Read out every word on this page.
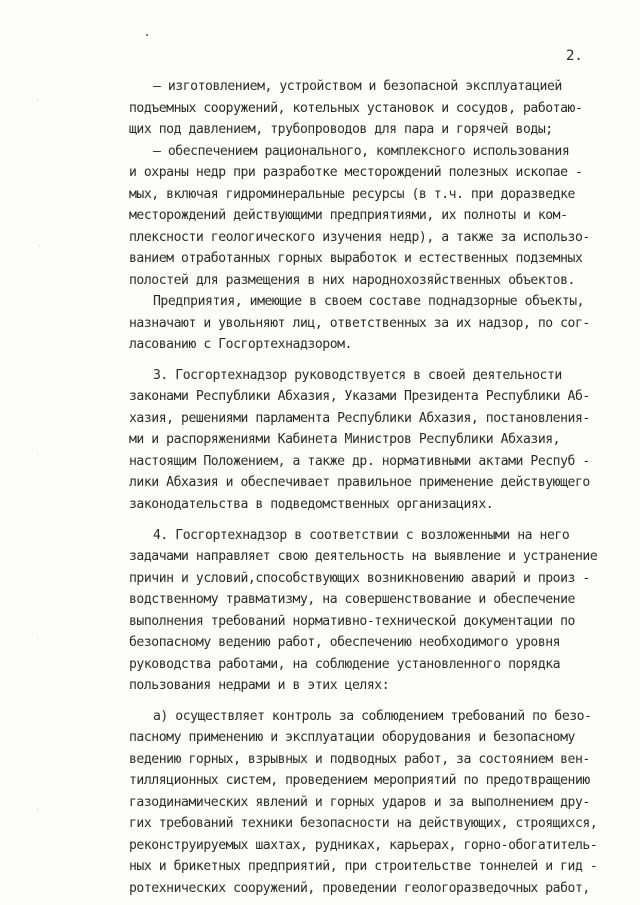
2.
·
·
·
·
·
– изготовлением, устройством и безопасной эксплуатацией
подъемных сооружений, котельных установок и сосудов, работаю-
щих под давлением, трубопроводов для пара и горячей воды;
– обеспечением рационального, комплексного использования
и охраны недр при разработке месторождений полезных ископае -
мых, включая гидроминеральные ресурсы (в т.ч. при доразведке
месторождений действующими предприятиями, их полноты и ком-
плексности геологического изучения недр), а также за использо-
ванием отработанных горных выработок и естественных подземных
полостей для размещения в них народнохозяйственных объектов.
Предприятия, имеющие в своем составе поднадзорные объекты,
назначают и увольняют лиц, ответственных за их надзор, по сог-
ласованию с Госгортехнадзором.
3. Госгортехнадзор руководствуется в своей деятельности
законами Республики Абхазия, Указами Президента Республики Аб-
хазия, решениями парламента Республики Абхазия, постановления-
ми и распоряжениями Кабинета Министров Республики Абхазия,
настоящим Положением, а также др. нормативными актами Респуб -
лики Абхазия и обеспечивает правильное применение действующего
законодательства в подведомственных организациях.
4. Госгортехнадзор в соответствии с возложенными на него
задачами направляет свою деятельность на выявление и устранение
причин и условий,способствующих возникновению аварий и произ -
водственному травматизму, на совершенствование и обеспечение
выполнения требований нормативно-технической документации по
безопасному ведению работ, обеспечению необходимого уровня
руководства работами, на соблюдение установленного порядка
пользования недрами и в этих целях:
а) осуществляет контроль за соблюдением требований по безо-
пасному применению и эксплуатации оборудования и безопасному
ведению горных, взрывных и подводных работ, за состоянием вен-
тилляционных систем, проведением мероприятий по предотвращению
газодинамических явлений и горных ударов и за выполнением дру-
гих требований техники безопасности на действующих, строящихся,
реконструируемых шахтах, рудниках, карьерах, горно-обогатитель-
ных и брикетных предприятий, при строительстве тоннелей и гид -
ротехнических сооружений, проведении геологоразведочных работ,
